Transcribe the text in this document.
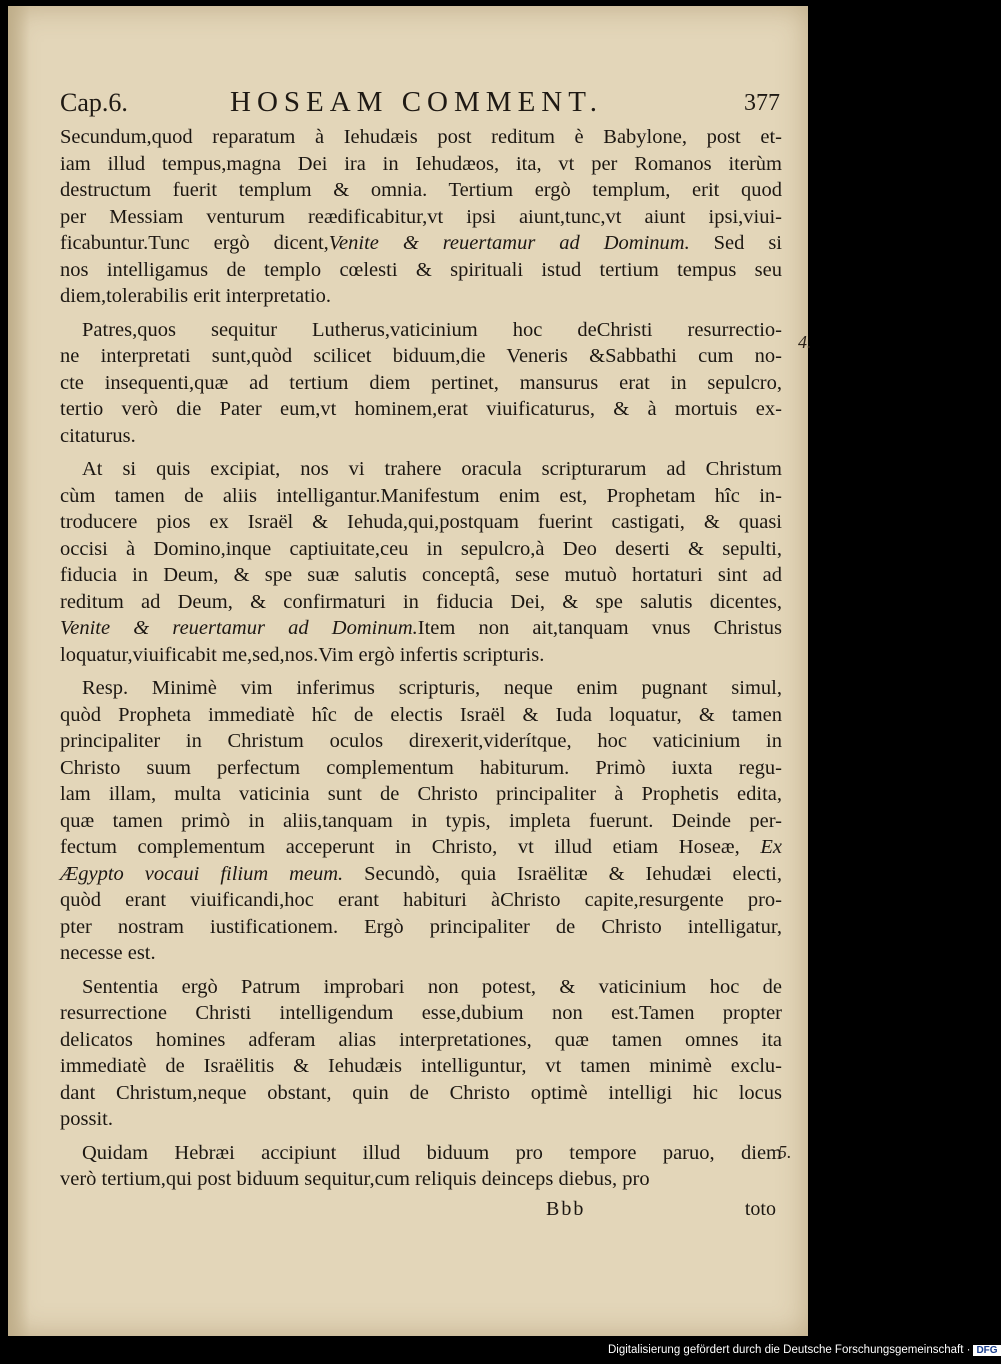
Cap.6.	HOSEAM COMMENT.	377
Secundum,quod reparatum à Iehudæis post reditum è Babylone, post et-
iam illud tempus,magna Dei ira in Iehudæos, ita, vt per Romanos iterùm
destructum fuerit templum & omnia. Tertium ergò templum, erit quod
per Messiam venturum reædificabitur,vt ipsi aiunt,tunc,vt aiunt ipsi,viui-
ficabuntur.Tunc ergò dicent,Venite & reuertamur ad Dominum. Sed si
nos intelligamus de templo cœlesti & spirituali istud tertium tempus seu
diem,tolerabilis erit interpretatio.
Patres,quos sequitur Lutherus,vaticinium hoc deChristi resurrectio-
ne interpretati sunt,quòd scilicet biduum,die Veneris &Sabbathi cum no-
cte insequenti,quæ ad tertium diem pertinet, mansurus erat in sepulcro,
tertio verò die Pater eum,vt hominem,erat viuificaturus, & à mortuis ex-
citaturus.
At si quis excipiat, nos vi trahere oracula scripturarum ad Christum
cùm tamen de aliis intelligantur.Manifestum enim est, Prophetam hîc in-
troducere pios ex Israël & Iehuda,qui,postquam fuerint castigati, & quasi
occisi à Domino,inque captiuitate,ceu in sepulcro,à Deo deserti & sepulti,
fiducia in Deum, & spe suæ salutis conceptâ, sese mutuò hortaturi sint ad
reditum ad Deum, & confirmaturi in fiducia Dei, & spe salutis dicentes,
Venite & reuertamur ad Dominum.Item non ait,tanquam vnus Christus
loquatur,viuificabit me,sed,nos.Vim ergò infertis scripturis.
Resp. Minimè vim inferimus scripturis, neque enim pugnant simul,
quòd Propheta immediatè hîc de electis Israël & Iuda loquatur, & tamen
principaliter in Christum oculos direxerit,viderítque, hoc vaticinium in
Christo suum perfectum complementum habiturum. Primò iuxta regu-
lam illam, multa vaticinia sunt de Christo principaliter à Prophetis edita,
quæ tamen primò in aliis,tanquam in typis, impleta fuerunt. Deinde per-
fectum complementum acceperunt in Christo, vt illud etiam Hoseæ, Ex
Ægypto vocaui filium meum. Secundò, quia Israëlitæ & Iehudæi electi,
quòd erant viuificandi,hoc erant habituri àChristo capite,resurgente pro-
pter nostram iustificationem. Ergò principaliter de Christo intelligatur,
necesse est.
Sententia ergò Patrum improbari non potest, & vaticinium hoc de
resurrectione Christi intelligendum esse,dubium non est.Tamen propter
delicatos homines adferam alias interpretationes, quæ tamen omnes ita
immediatè de Israëlitis & Iehudæis intelliguntur, vt tamen minimè exclu-
dant Christum,neque obstant, quin de Christo optimè intelligi hic locus
possit.
Quidam Hebræi accipiunt illud biduum pro tempore paruo, diem
verò tertium,qui post biduum sequitur,cum reliquis deinceps diebus, pro
4.
5.
Bbb	toto
Digitalisierung gefördert durch die Deutsche Forschungsgemeinschaft · DFG
